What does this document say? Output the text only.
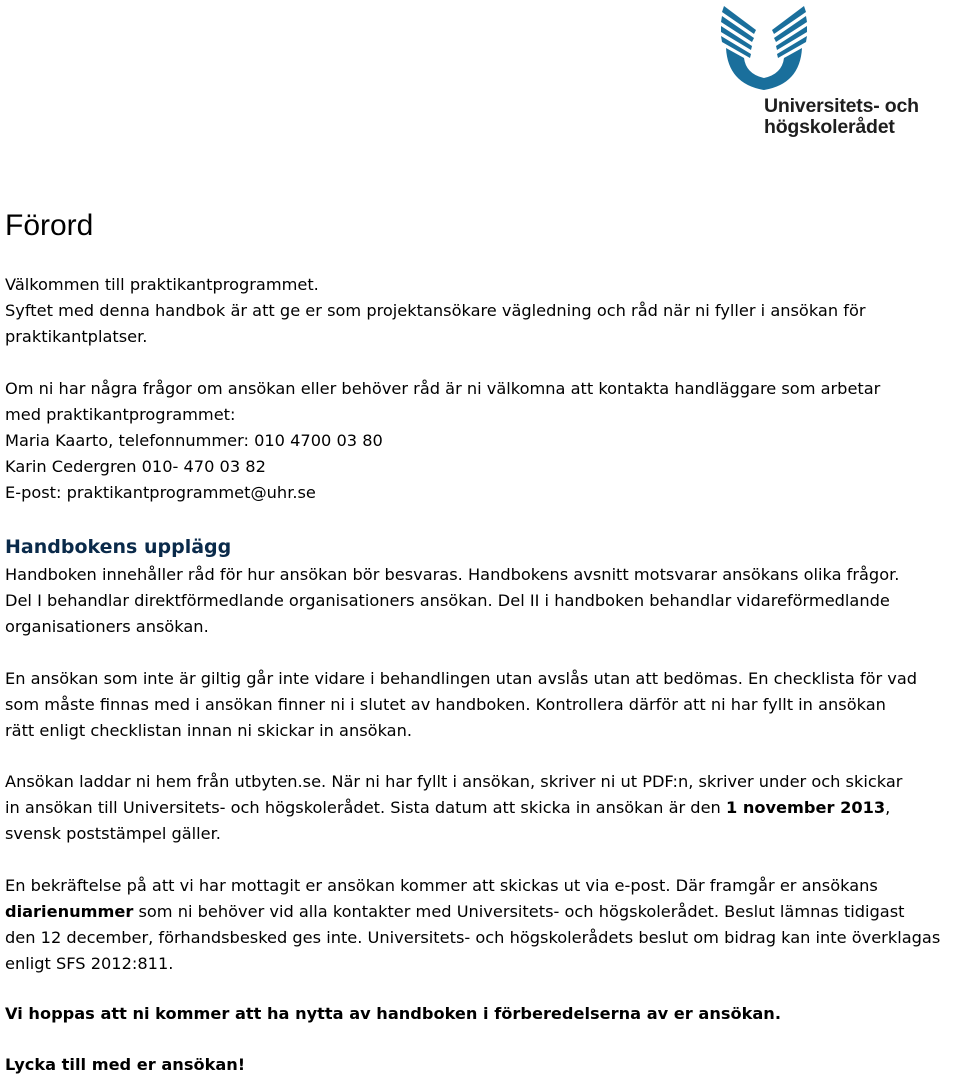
Universitets- och
högskolerådet
Förord
Välkommen till praktikantprogrammet.
Syftet med denna handbok är att ge er som projektansökare vägledning och råd när ni fyller i ansökan för
praktikantplatser.
Om ni har några frågor om ansökan eller behöver råd är ni välkomna att kontakta handläggare som arbetar
med praktikantprogrammet:
Maria Kaarto, telefonnummer: 010 4700 03 80
Karin Cedergren 010- 470 03 82
E-post: praktikantprogrammet@uhr.se
Handbokens upplägg
Handboken innehåller råd för hur ansökan bör besvaras. Handbokens avsnitt motsvarar ansökans olika frågor.
Del I behandlar direktförmedlande organisationers ansökan. Del II i handboken behandlar vidareförmedlande
organisationers ansökan.
En ansökan som inte är giltig går inte vidare i behandlingen utan avslås utan att bedömas. En checklista för vad
som måste finnas med i ansökan finner ni i slutet av handboken. Kontrollera därför att ni har fyllt in ansökan
rätt enligt checklistan innan ni skickar in ansökan.
Ansökan laddar ni hem från utbyten.se. När ni har fyllt i ansökan, skriver ni ut PDF:n, skriver under och skickar
in ansökan till Universitets- och högskolerådet. Sista datum att skicka in ansökan är den 1 november 2013,
svensk poststämpel gäller.
En bekräftelse på att vi har mottagit er ansökan kommer att skickas ut via e-post. Där framgår er ansökans
diarienummer som ni behöver vid alla kontakter med Universitets- och högskolerådet. Beslut lämnas tidigast
den 12 december, förhandsbesked ges inte. Universitets- och högskolerådets beslut om bidrag kan inte överklagas
enligt SFS 2012:811.
Vi hoppas att ni kommer att ha nytta av handboken i förberedelserna av er ansökan.
Lycka till med er ansökan!
